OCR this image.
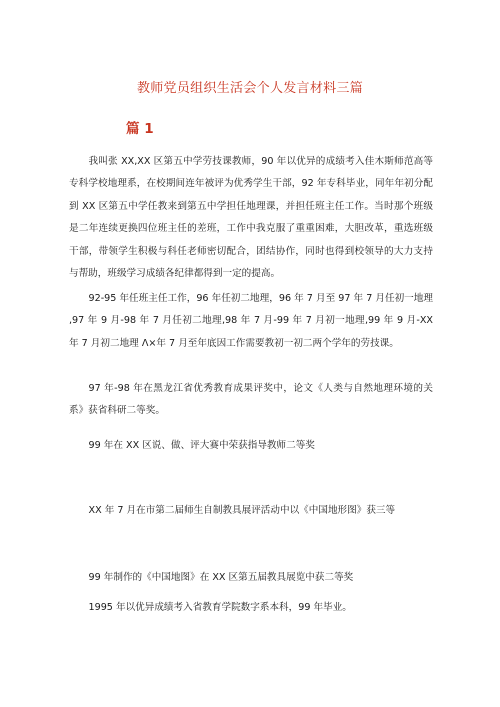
教师党员组织生活会个人发言材料三篇
篇 1

我叫张 XX,XX 区第五中学劳技课教师，90 年以优异的成绩考入佳木斯师范高等专科学校地理系，在校期间连年被评为优秀学生干部，92 年专科毕业，同年年初分配到 XX 区第五中学任教来到第五中学担任地理课，并担任班主任工作。当时那个班级是二年连续更换四位班主任的差班，工作中我克服了重重困难，大胆改革，重选班级干部，带领学生积极与科任老师密切配合，团结协作，同时也得到校领导的大力支持与帮助，班级学习成绩各纪律都得到一定的提高。

92-95 年任班主任工作，96 年任初二地理，96 年 7 月至 97 年 7 月任初一地理 ,97 年 9 月-98 年 7 月任初二地理,98 年 7 月-99 年 7 月初一地理,99 年 9 月-XX 年 7 月初二地理 Λ×年 7 月至年底因工作需要教初一初二两个学年的劳技课。

97 年-98 年在黑龙江省优秀教育成果评奖中，论文《人类与自然地理环境的关系》获省科研二等奖。

99 年在 XX 区说、做、评大赛中荣获指导教师二等奖

XX 年 7 月在市第二届师生自制教具展评活动中以《中国地形图》获三等

99 年制作的《中国地图》在 XX 区第五届教具展览中获二等奖

1995 年以优异成绩考入省教育学院数字系本科，99 年毕业。
